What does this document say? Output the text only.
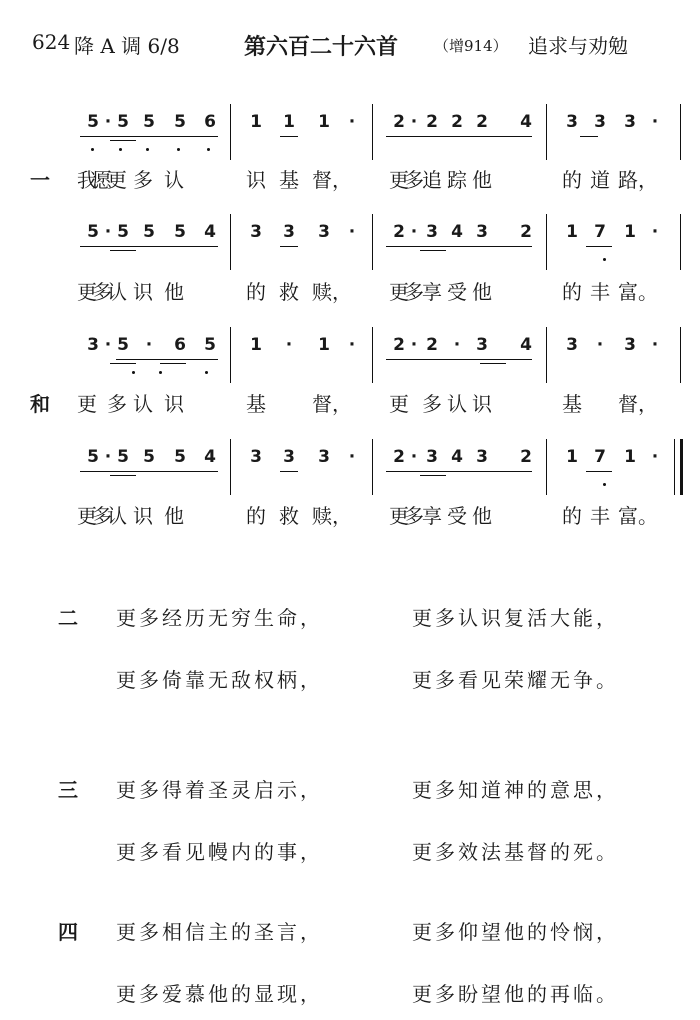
624 降 A 调 6/8	第六百二十六首 （增914） 追求与劝勉
一
5 · 5 5	5	6
我
愿
更 多 认
1	1	1	·
识 基 督，
2 · 2 2 2	4
更
多
追 踪 他
3 3	3 ·
的 道 路，
5 · 5 5	5	4
更
多
认 识 他
3	3	3	·
的 救 赎，
2 · 3 4 3	2
更
多
享 受 他
1 7	1 ·
的 丰 富。
和
3 · 5 ·	6	5
更 多 认 识
1	·	1	·
基 督，
2 · 2 · 3	4
更 多 认 识
3	·	3 ·
基 督，
5 · 5 5	5	4
更
多
认 识 他
3	3	3	·
的 救 赎，
2 · 3 4 3	2
更
多
享 受 他
1 7	1 ·
的 丰 富。
二 更多经历无穷生命，	更多认识复活大能，
更多倚靠无敌权柄，	更多看见荣耀无争。
三 更多得着圣灵启示，	更多知道神的意思，
更多看见幔内的事，	更多效法基督的死。
四 更多相信主的圣言，	更多仰望他的怜悯，
更多爱慕他的显现，	更多盼望他的再临。
